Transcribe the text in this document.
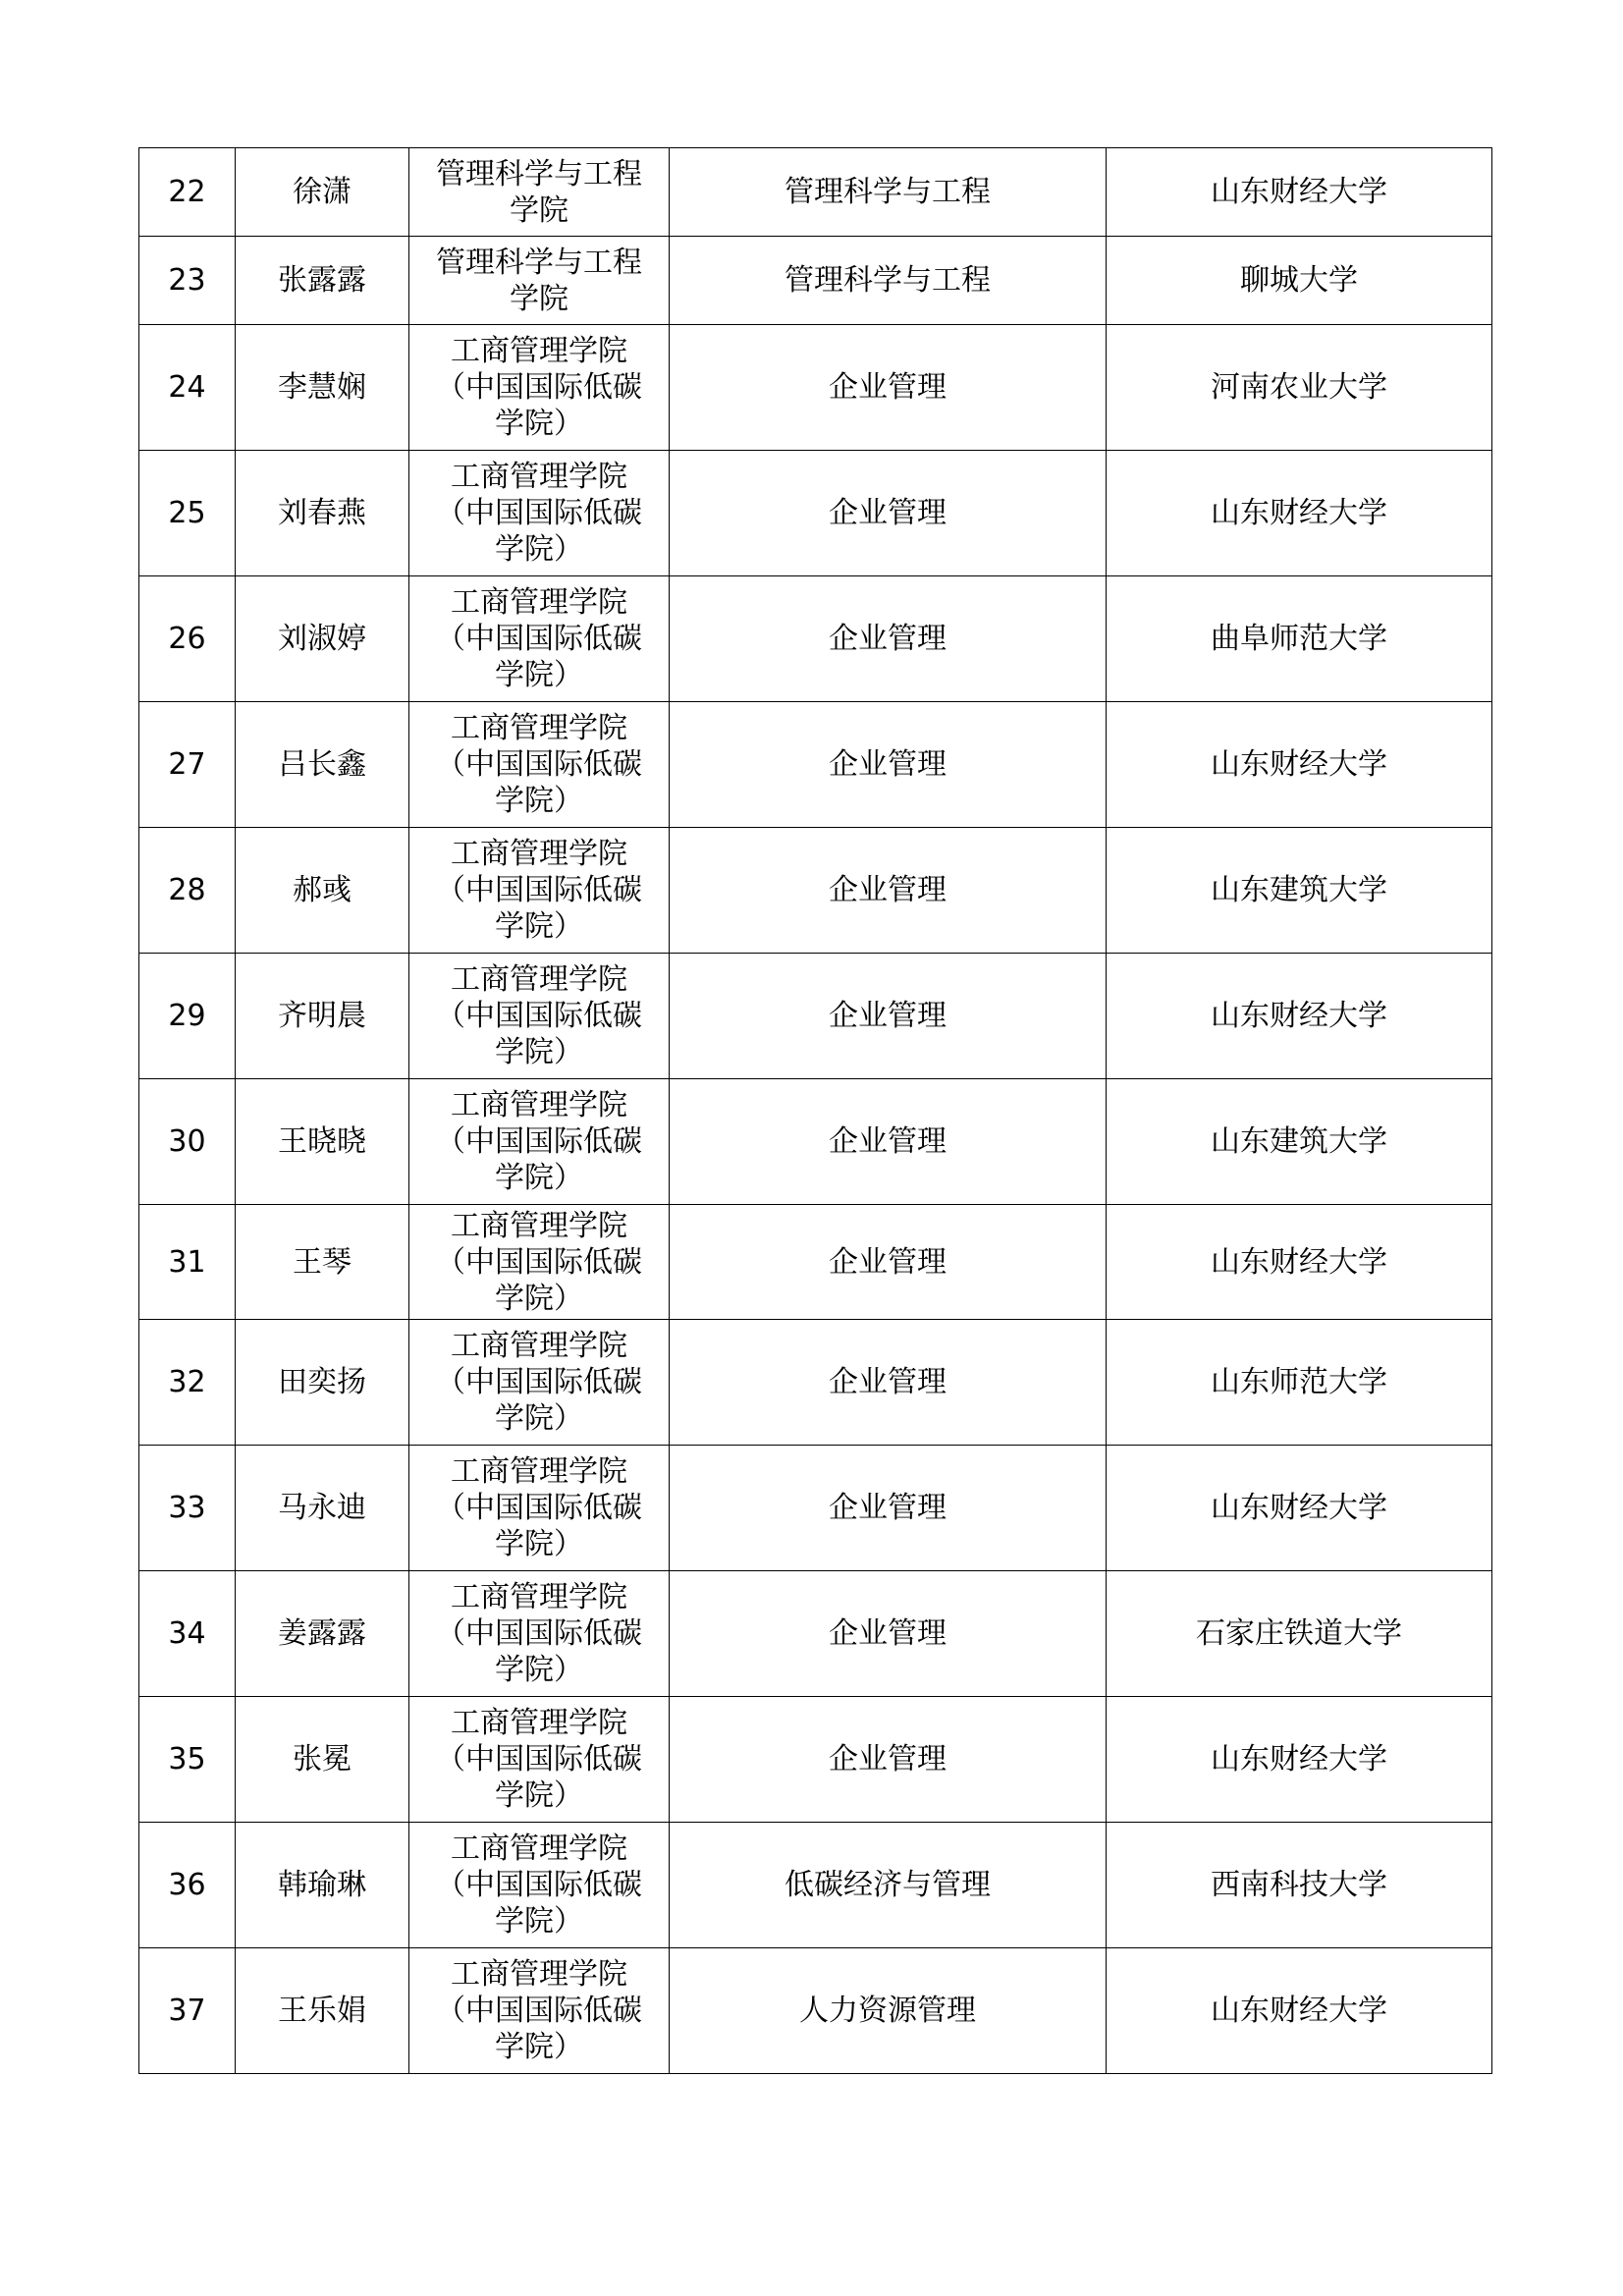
22	徐潇	管理科学与工程学院	管理科学与工程	山东财经大学
23	张露露	管理科学与工程学院	管理科学与工程	聊城大学
24	李慧娴	工商管理学院（中国国际低碳学院）	企业管理	河南农业大学
25	刘春燕	工商管理学院（中国国际低碳学院）	企业管理	山东财经大学
26	刘淑婷	工商管理学院（中国国际低碳学院）	企业管理	曲阜师范大学
27	吕长鑫	工商管理学院（中国国际低碳学院）	企业管理	山东财经大学
28	郝彧	工商管理学院（中国国际低碳学院）	企业管理	山东建筑大学
29	齐明晨	工商管理学院（中国国际低碳学院）	企业管理	山东财经大学
30	王晓晓	工商管理学院（中国国际低碳学院）	企业管理	山东建筑大学
31	王琴	工商管理学院（中国国际低碳学院）	企业管理	山东财经大学
32	田奕扬	工商管理学院（中国国际低碳学院）	企业管理	山东师范大学
33	马永迪	工商管理学院（中国国际低碳学院）	企业管理	山东财经大学
34	姜露露	工商管理学院（中国国际低碳学院）	企业管理	石家庄铁道大学
35	张冕	工商管理学院（中国国际低碳学院）	企业管理	山东财经大学
36	韩瑜琳	工商管理学院（中国国际低碳学院）	低碳经济与管理	西南科技大学
37	王乐娟	工商管理学院（中国国际低碳学院）	人力资源管理	山东财经大学
